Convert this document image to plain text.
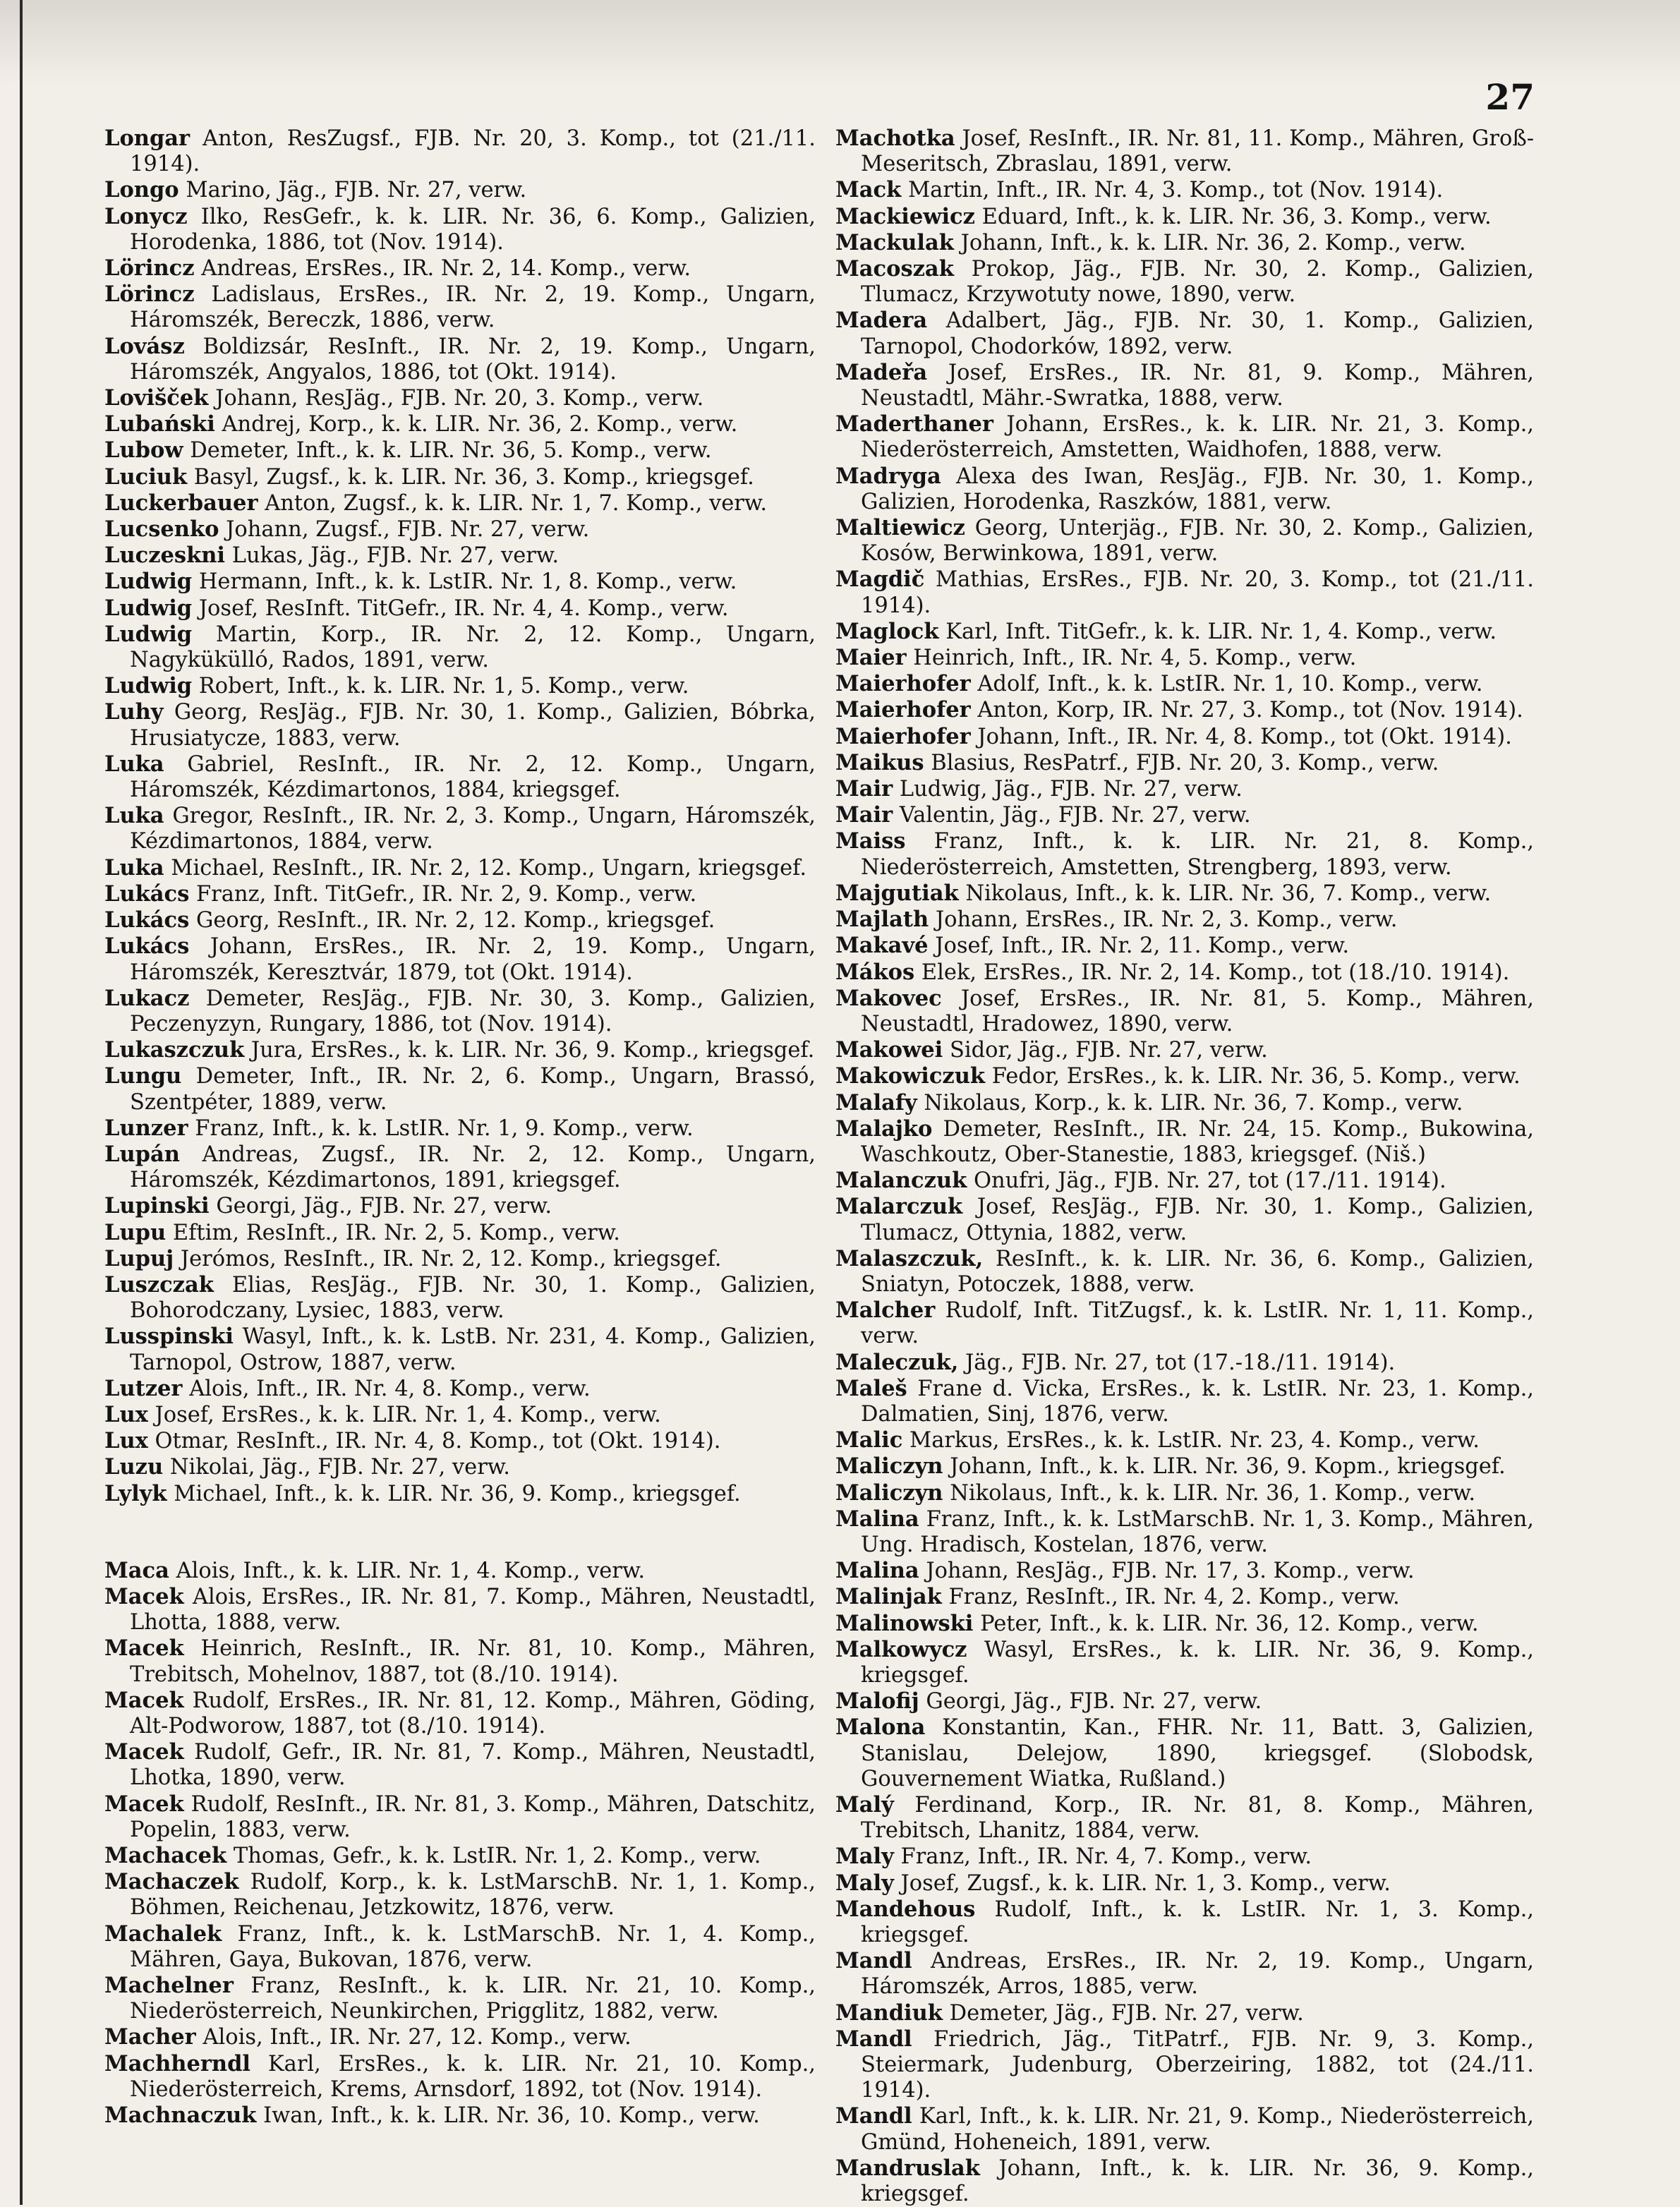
27
Longar Anton, ResZugsf., FJB. Nr. 20, 3. Komp., tot (21./11. 1914).
Longo Marino, Jäg., FJB. Nr. 27, verw.
Lonycz Ilko, ResGefr., k. k. LIR. Nr. 36, 6. Komp., Galizien, Horodenka, 1886, tot (Nov. 1914).
Lörincz Andreas, ErsRes., IR. Nr. 2, 14. Komp., verw.
Lörincz Ladislaus, ErsRes., IR. Nr. 2, 19. Komp., Ungarn, Háromszék, Bereczk, 1886, verw.
Lovász Boldizsár, ResInft., IR. Nr. 2, 19. Komp., Ungarn, Háromszék, Angyalos, 1886, tot (Okt. 1914).
Lovišček Johann, ResJäg., FJB. Nr. 20, 3. Komp., verw.
Lubański Andrej, Korp., k. k. LIR. Nr. 36, 2. Komp., verw.
Lubow Demeter, Inft., k. k. LIR. Nr. 36, 5. Komp., verw.
Luciuk Basyl, Zugsf., k. k. LIR. Nr. 36, 3. Komp., kriegsgef.
Luckerbauer Anton, Zugsf., k. k. LIR. Nr. 1, 7. Komp., verw.
Lucsenko Johann, Zugsf., FJB. Nr. 27, verw.
Luczeskni Lukas, Jäg., FJB. Nr. 27, verw.
Ludwig Hermann, Inft., k. k. LstIR. Nr. 1, 8. Komp., verw.
Ludwig Josef, ResInft. TitGefr., IR. Nr. 4, 4. Komp., verw.
Ludwig Martin, Korp., IR. Nr. 2, 12. Komp., Ungarn, Nagykükülló, Rados, 1891, verw.
Ludwig Robert, Inft., k. k. LIR. Nr. 1, 5. Komp., verw.
Luhy Georg, ResJäg., FJB. Nr. 30, 1. Komp., Galizien, Bóbrka, Hrusiatycze, 1883, verw.
Luka Gabriel, ResInft., IR. Nr. 2, 12. Komp., Ungarn, Háromszék, Kézdimartonos, 1884, kriegsgef.
Luka Gregor, ResInft., IR. Nr. 2, 3. Komp., Ungarn, Háromszék, Kézdimartonos, 1884, verw.
Luka Michael, ResInft., IR. Nr. 2, 12. Komp., Ungarn, kriegsgef.
Lukács Franz, Inft. TitGefr., IR. Nr. 2, 9. Komp., verw.
Lukács Georg, ResInft., IR. Nr. 2, 12. Komp., kriegsgef.
Lukács Johann, ErsRes., IR. Nr. 2, 19. Komp., Ungarn, Háromszék, Keresztvár, 1879, tot (Okt. 1914).
Lukacz Demeter, ResJäg., FJB. Nr. 30, 3. Komp., Galizien, Peczenyzyn, Rungary, 1886, tot (Nov. 1914).
Lukaszczuk Jura, ErsRes., k. k. LIR. Nr. 36, 9. Komp., kriegsgef.
Lungu Demeter, Inft., IR. Nr. 2, 6. Komp., Ungarn, Brassó, Szentpéter, 1889, verw.
Lunzer Franz, Inft., k. k. LstIR. Nr. 1, 9. Komp., verw.
Lupán Andreas, Zugsf., IR. Nr. 2, 12. Komp., Ungarn, Háromszék, Kézdimartonos, 1891, kriegsgef.
Lupinski Georgi, Jäg., FJB. Nr. 27, verw.
Lupu Eftim, ResInft., IR. Nr. 2, 5. Komp., verw.
Lupuj Jerómos, ResInft., IR. Nr. 2, 12. Komp., kriegsgef.
Luszczak Elias, ResJäg., FJB. Nr. 30, 1. Komp., Galizien, Bohorodczany, Lysiec, 1883, verw.
Lusspinski Wasyl, Inft., k. k. LstB. Nr. 231, 4. Komp., Galizien, Tarnopol, Ostrow, 1887, verw.
Lutzer Alois, Inft., IR. Nr. 4, 8. Komp., verw.
Lux Josef, ErsRes., k. k. LIR. Nr. 1, 4. Komp., verw.
Lux Otmar, ResInft., IR. Nr. 4, 8. Komp., tot (Okt. 1914).
Luzu Nikolai, Jäg., FJB. Nr. 27, verw.
Lylyk Michael, Inft., k. k. LIR. Nr. 36, 9. Komp., kriegsgef.
Maca Alois, Inft., k. k. LIR. Nr. 1, 4. Komp., verw.
Macek Alois, ErsRes., IR. Nr. 81, 7. Komp., Mähren, Neustadtl, Lhotta, 1888, verw.
Macek Heinrich, ResInft., IR. Nr. 81, 10. Komp., Mähren, Trebitsch, Mohelnov, 1887, tot (8./10. 1914).
Macek Rudolf, ErsRes., IR. Nr. 81, 12. Komp., Mähren, Göding, Alt-Podworow, 1887, tot (8./10. 1914).
Macek Rudolf, Gefr., IR. Nr. 81, 7. Komp., Mähren, Neustadtl, Lhotka, 1890, verw.
Macek Rudolf, ResInft., IR. Nr. 81, 3. Komp., Mähren, Datschitz, Popelin, 1883, verw.
Machacek Thomas, Gefr., k. k. LstIR. Nr. 1, 2. Komp., verw.
Machaczek Rudolf, Korp., k. k. LstMarschB. Nr. 1, 1. Komp., Böhmen, Reichenau, Jetzkowitz, 1876, verw.
Machalek Franz, Inft., k. k. LstMarschB. Nr. 1, 4. Komp., Mähren, Gaya, Bukovan, 1876, verw.
Machelner Franz, ResInft., k. k. LIR. Nr. 21, 10. Komp., Niederösterreich, Neunkirchen, Prigglitz, 1882, verw.
Macher Alois, Inft., IR. Nr. 27, 12. Komp., verw.
Machherndl Karl, ErsRes., k. k. LIR. Nr. 21, 10. Komp., Niederösterreich, Krems, Arnsdorf, 1892, tot (Nov. 1914).
Machnaczuk Iwan, Inft., k. k. LIR. Nr. 36, 10. Komp., verw.
Machotka Josef, ResInft., IR. Nr. 81, 11. Komp., Mähren, Groß-Meseritsch, Zbraslau, 1891, verw.
Mack Martin, Inft., IR. Nr. 4, 3. Komp., tot (Nov. 1914).
Mackiewicz Eduard, Inft., k. k. LIR. Nr. 36, 3. Komp., verw.
Mackulak Johann, Inft., k. k. LIR. Nr. 36, 2. Komp., verw.
Macoszak Prokop, Jäg., FJB. Nr. 30, 2. Komp., Galizien, Tlumacz, Krzywotuty nowe, 1890, verw.
Madera Adalbert, Jäg., FJB. Nr. 30, 1. Komp., Galizien, Tarnopol, Chodorków, 1892, verw.
Madeřa Josef, ErsRes., IR. Nr. 81, 9. Komp., Mähren, Neustadtl, Mähr.-Swratka, 1888, verw.
Maderthaner Johann, ErsRes., k. k. LIR. Nr. 21, 3. Komp., Niederösterreich, Amstetten, Waidhofen, 1888, verw.
Madryga Alexa des Iwan, ResJäg., FJB. Nr. 30, 1. Komp., Galizien, Horodenka, Raszków, 1881, verw.
Maltiewicz Georg, Unterjäg., FJB. Nr. 30, 2. Komp., Galizien, Kosów, Berwinkowa, 1891, verw.
Magdič Mathias, ErsRes., FJB. Nr. 20, 3. Komp., tot (21./11. 1914).
Maglock Karl, Inft. TitGefr., k. k. LIR. Nr. 1, 4. Komp., verw.
Maier Heinrich, Inft., IR. Nr. 4, 5. Komp., verw.
Maierhofer Adolf, Inft., k. k. LstIR. Nr. 1, 10. Komp., verw.
Maierhofer Anton, Korp, IR. Nr. 27, 3. Komp., tot (Nov. 1914).
Maierhofer Johann, Inft., IR. Nr. 4, 8. Komp., tot (Okt. 1914).
Maikus Blasius, ResPatrf., FJB. Nr. 20, 3. Komp., verw.
Mair Ludwig, Jäg., FJB. Nr. 27, verw.
Mair Valentin, Jäg., FJB. Nr. 27, verw.
Maiss Franz, Inft., k. k. LIR. Nr. 21, 8. Komp., Niederösterreich, Amstetten, Strengberg, 1893, verw.
Majgutiak Nikolaus, Inft., k. k. LIR. Nr. 36, 7. Komp., verw.
Majlath Johann, ErsRes., IR. Nr. 2, 3. Komp., verw.
Makavé Josef, Inft., IR. Nr. 2, 11. Komp., verw.
Mákos Elek, ErsRes., IR. Nr. 2, 14. Komp., tot (18./10. 1914).
Makovec Josef, ErsRes., IR. Nr. 81, 5. Komp., Mähren, Neustadtl, Hradowez, 1890, verw.
Makowei Sidor, Jäg., FJB. Nr. 27, verw.
Makowiczuk Fedor, ErsRes., k. k. LIR. Nr. 36, 5. Komp., verw.
Malafy Nikolaus, Korp., k. k. LIR. Nr. 36, 7. Komp., verw.
Malajko Demeter, ResInft., IR. Nr. 24, 15. Komp., Bukowina, Waschkoutz, Ober-Stanestie, 1883, kriegsgef. (Niš.)
Malanczuk Onufri, Jäg., FJB. Nr. 27, tot (17./11. 1914).
Malarczuk Josef, ResJäg., FJB. Nr. 30, 1. Komp., Galizien, Tlumacz, Ottynia, 1882, verw.
Malaszczuk, ResInft., k. k. LIR. Nr. 36, 6. Komp., Galizien, Sniatyn, Potoczek, 1888, verw.
Malcher Rudolf, Inft. TitZugsf., k. k. LstIR. Nr. 1, 11. Komp., verw.
Maleczuk, Jäg., FJB. Nr. 27, tot (17.-18./11. 1914).
Maleš Frane d. Vicka, ErsRes., k. k. LstIR. Nr. 23, 1. Komp., Dalmatien, Sinj, 1876, verw.
Malic Markus, ErsRes., k. k. LstIR. Nr. 23, 4. Komp., verw.
Maliczyn Johann, Inft., k. k. LIR. Nr. 36, 9. Kopm., kriegsgef.
Maliczyn Nikolaus, Inft., k. k. LIR. Nr. 36, 1. Komp., verw.
Malina Franz, Inft., k. k. LstMarschB. Nr. 1, 3. Komp., Mähren, Ung. Hradisch, Kostelan, 1876, verw.
Malina Johann, ResJäg., FJB. Nr. 17, 3. Komp., verw.
Malinjak Franz, ResInft., IR. Nr. 4, 2. Komp., verw.
Malinowski Peter, Inft., k. k. LIR. Nr. 36, 12. Komp., verw.
Malkowycz Wasyl, ErsRes., k. k. LIR. Nr. 36, 9. Komp., kriegsgef.
Malofij Georgi, Jäg., FJB. Nr. 27, verw.
Malona Konstantin, Kan., FHR. Nr. 11, Batt. 3, Galizien, Stanislau, Delejow, 1890, kriegsgef. (Slobodsk, Gouvernement Wiatka, Rußland.)
Malý Ferdinand, Korp., IR. Nr. 81, 8. Komp., Mähren, Trebitsch, Lhanitz, 1884, verw.
Maly Franz, Inft., IR. Nr. 4, 7. Komp., verw.
Maly Josef, Zugsf., k. k. LIR. Nr. 1, 3. Komp., verw.
Mandehous Rudolf, Inft., k. k. LstIR. Nr. 1, 3. Komp., kriegsgef.
Mandl Andreas, ErsRes., IR. Nr. 2, 19. Komp., Ungarn, Háromszék, Arros, 1885, verw.
Mandiuk Demeter, Jäg., FJB. Nr. 27, verw.
Mandl Friedrich, Jäg., TitPatrf., FJB. Nr. 9, 3. Komp., Steiermark, Judenburg, Oberzeiring, 1882, tot (24./11. 1914).
Mandl Karl, Inft., k. k. LIR. Nr. 21, 9. Komp., Niederösterreich, Gmünd, Hoheneich, 1891, verw.
Mandruslak Johann, Inft., k. k. LIR. Nr. 36, 9. Komp., kriegsgef.
